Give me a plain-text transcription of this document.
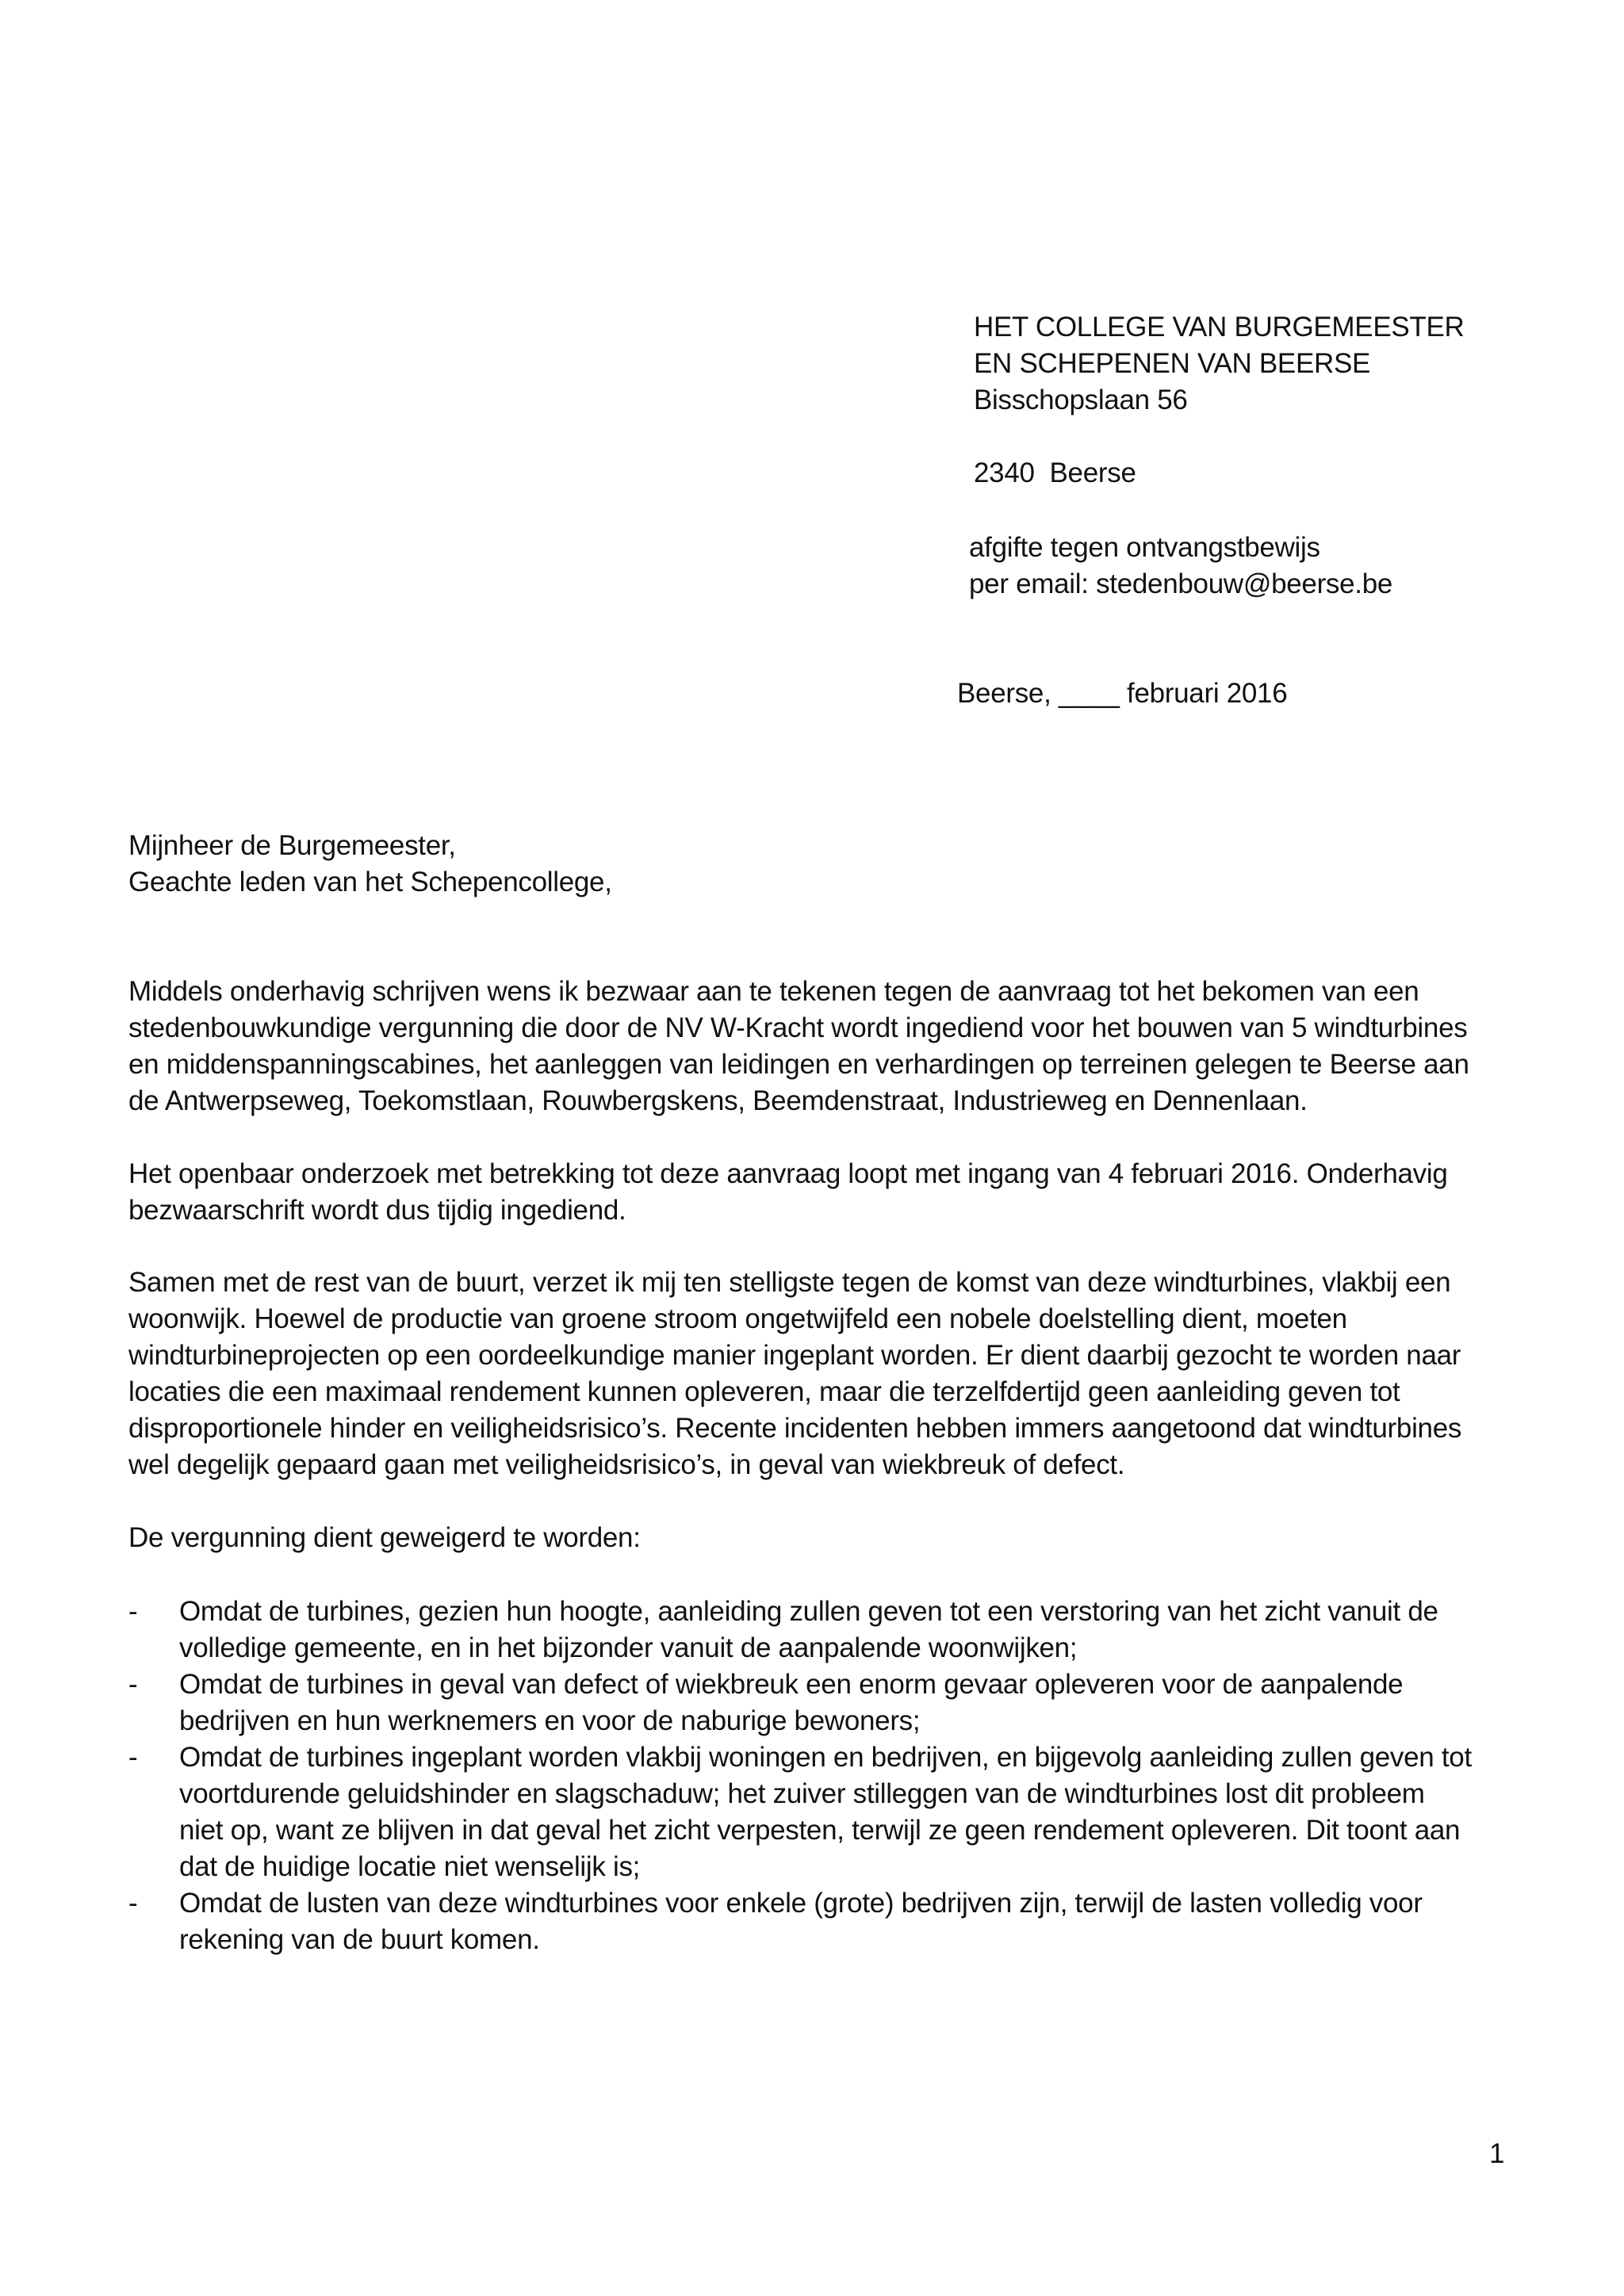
HET COLLEGE VAN BURGEMEESTER
EN SCHEPENEN VAN BEERSE
Bisschopslaan 56
2340  Beerse
afgifte tegen ontvangstbewijs
per email: stedenbouw@beerse.be
Beerse, ____ februari 2016
Mijnheer de Burgemeester,
Geachte leden van het Schepencollege,
Middels onderhavig schrijven wens ik bezwaar aan te tekenen tegen de aanvraag tot het bekomen van een
stedenbouwkundige vergunning die door de NV W-Kracht wordt ingediend voor het bouwen van 5 windturbines
en middenspanningscabines, het aanleggen van leidingen en verhardingen op terreinen gelegen te Beerse aan
de Antwerpseweg, Toekomstlaan, Rouwbergskens, Beemdenstraat, Industrieweg en Dennenlaan.
Het openbaar onderzoek met betrekking tot deze aanvraag loopt met ingang van 4 februari 2016. Onderhavig
bezwaarschrift wordt dus tijdig ingediend.
Samen met de rest van de buurt, verzet ik mij ten stelligste tegen de komst van deze windturbines, vlakbij een
woonwijk. Hoewel de productie van groene stroom ongetwijfeld een nobele doelstelling dient, moeten
windturbineprojecten op een oordeelkundige manier ingeplant worden. Er dient daarbij gezocht te worden naar
locaties die een maximaal rendement kunnen opleveren, maar die terzelfdertijd geen aanleiding geven tot
disproportionele hinder en veiligheidsrisico’s. Recente incidenten hebben immers aangetoond dat windturbines
wel degelijk gepaard gaan met veiligheidsrisico’s, in geval van wiekbreuk of defect.
De vergunning dient geweigerd te worden:
- Omdat de turbines, gezien hun hoogte, aanleiding zullen geven tot een verstoring van het zicht vanuit de
volledige gemeente, en in het bijzonder vanuit de aanpalende woonwijken;
- Omdat de turbines in geval van defect of wiekbreuk een enorm gevaar opleveren voor de aanpalende
bedrijven en hun werknemers en voor de naburige bewoners;
- Omdat de turbines ingeplant worden vlakbij woningen en bedrijven, en bijgevolg aanleiding zullen geven tot
voortdurende geluidshinder en slagschaduw; het zuiver stilleggen van de windturbines lost dit probleem
niet op, want ze blijven in dat geval het zicht verpesten, terwijl ze geen rendement opleveren. Dit toont aan
dat de huidige locatie niet wenselijk is;
- Omdat de lusten van deze windturbines voor enkele (grote) bedrijven zijn, terwijl de lasten volledig voor
rekening van de buurt komen.
1
